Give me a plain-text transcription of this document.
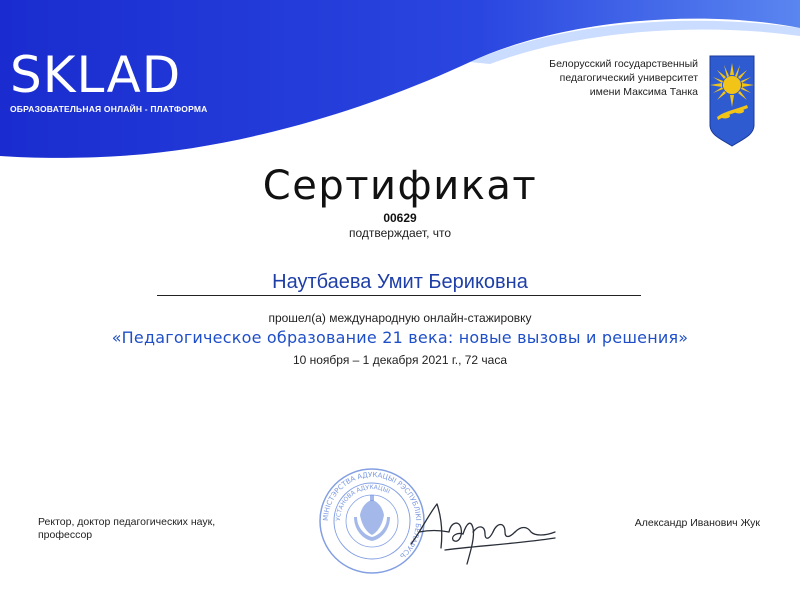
SKLAD
ОБРАЗОВАТЕЛЬНАЯ ОНЛАЙН - ПЛАТФОРМА
Белорусский государственный
педагогический университет
имени Максима Танка
Сертификат
00629
подтверждает, что
Наутбаева Умит Бериковна
прошел(а) международную онлайн-стажировку
«Педагогическое образование 21 века: новые вызовы и решения»
10 ноября – 1 декабря 2021 г., 72 часа
Ректор, доктор педагогических наук,
профессор
МІНІСТЭРСТВА АДУКАЦЫІ РЭСПУБЛІКІ БЕЛАРУСЬ
УСТАНОВА АДУКАЦЫІ
Александр Иванович Жук
